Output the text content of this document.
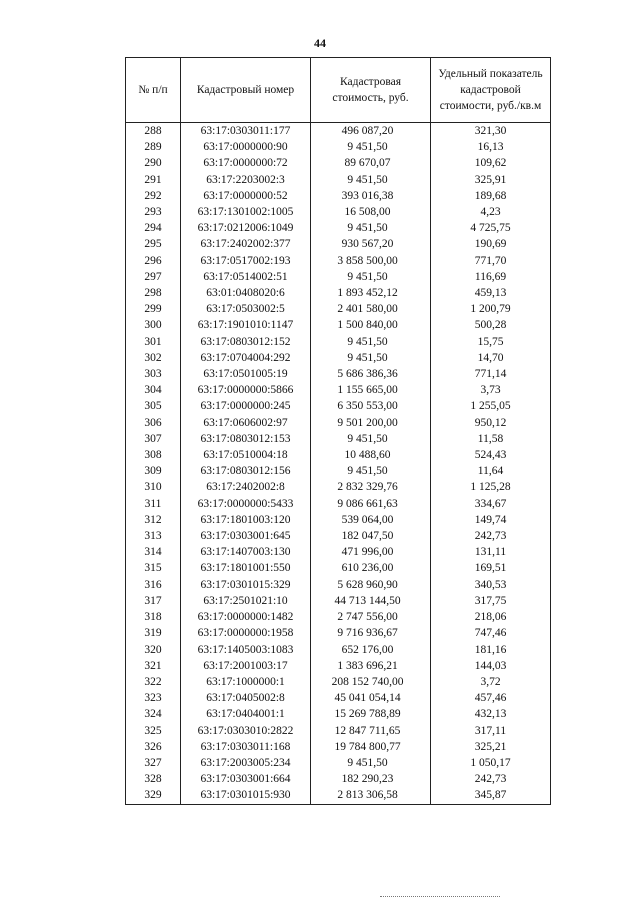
44
№ п/п	Кадастровый номер	Кадастровая стоимость, руб.	Удельный показатель кадастровой стоимости, руб./кв.м
288	63:17:0303011:177	496 087,20	321,30
289	63:17:0000000:90	9 451,50	16,13
290	63:17:0000000:72	89 670,07	109,62
291	63:17:2203002:3	9 451,50	325,91
292	63:17:0000000:52	393 016,38	189,68
293	63:17:1301002:1005	16 508,00	4,23
294	63:17:0212006:1049	9 451,50	4 725,75
295	63:17:2402002:377	930 567,20	190,69
296	63:17:0517002:193	3 858 500,00	771,70
297	63:17:0514002:51	9 451,50	116,69
298	63:01:0408020:6	1 893 452,12	459,13
299	63:17:0503002:5	2 401 580,00	1 200,79
300	63:17:1901010:1147	1 500 840,00	500,28
301	63:17:0803012:152	9 451,50	15,75
302	63:17:0704004:292	9 451,50	14,70
303	63:17:0501005:19	5 686 386,36	771,14
304	63:17:0000000:5866	1 155 665,00	3,73
305	63:17:0000000:245	6 350 553,00	1 255,05
306	63:17:0606002:97	9 501 200,00	950,12
307	63:17:0803012:153	9 451,50	11,58
308	63:17:0510004:18	10 488,60	524,43
309	63:17:0803012:156	9 451,50	11,64
310	63:17:2402002:8	2 832 329,76	1 125,28
311	63:17:0000000:5433	9 086 661,63	334,67
312	63:17:1801003:120	539 064,00	149,74
313	63:17:0303001:645	182 047,50	242,73
314	63:17:1407003:130	471 996,00	131,11
315	63:17:1801001:550	610 236,00	169,51
316	63:17:0301015:329	5 628 960,90	340,53
317	63:17:2501021:10	44 713 144,50	317,75
318	63:17:0000000:1482	2 747 556,00	218,06
319	63:17:0000000:1958	9 716 936,67	747,46
320	63:17:1405003:1083	652 176,00	181,16
321	63:17:2001003:17	1 383 696,21	144,03
322	63:17:1000000:1	208 152 740,00	3,72
323	63:17:0405002:8	45 041 054,14	457,46
324	63:17:0404001:1	15 269 788,89	432,13
325	63:17:0303010:2822	12 847 711,65	317,11
326	63:17:0303011:168	19 784 800,77	325,21
327	63:17:2003005:234	9 451,50	1 050,17
328	63:17:0303001:664	182 290,23	242,73
329	63:17:0301015:930	2 813 306,58	345,87
